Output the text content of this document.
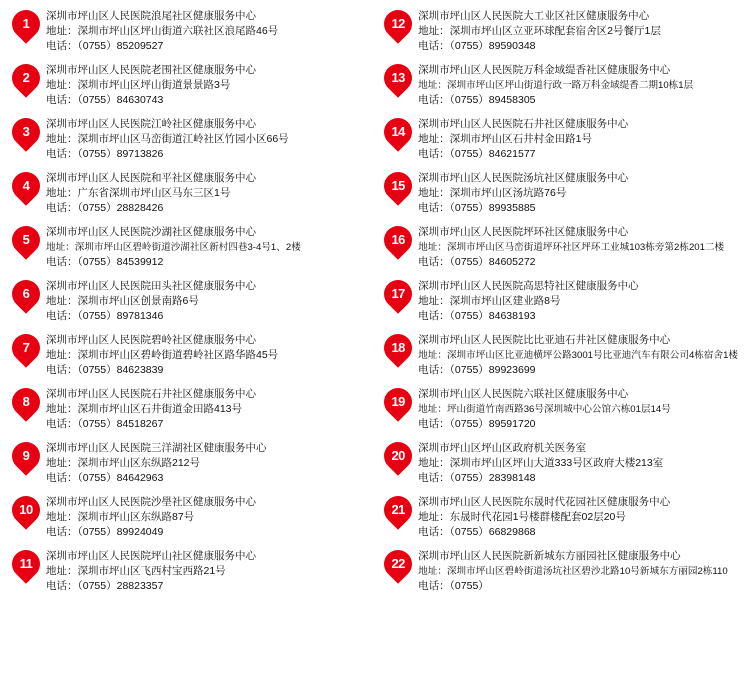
1	深圳市坪山区人民医院浪尾社区健康服务中心
地址：深圳市坪山区坪山街道六联社区浪尾路46号
电话：（0755）85209527
2	深圳市坪山区人民医院老围社区健康服务中心
地址：深圳市坪山区坪山街道景景路3号
电话：（0755）84630743
3	深圳市坪山区人民医院江岭社区健康服务中心
地址：深圳市坪山区马峦街道江岭社区竹园小区66号
电话：（0755）89713826
4	深圳市坪山区人民医院和平社区健康服务中心
地址：广东省深圳市坪山区马东三区1号
电话：（0755）28828426
5	深圳市坪山区人民医院沙湖社区健康服务中心
地址：深圳市坪山区碧岭街道沙湖社区新村四巷3-4号1、2楼
电话：（0755）84539912
6	深圳市坪山区人民医院田头社区健康服务中心
地址：深圳市坪山区创景南路6号
电话：（0755）89781346
7	深圳市坪山区人民医院碧岭社区健康服务中心
地址：深圳市坪山区碧岭街道碧岭社区路华路45号
电话：（0755）84623839
8	深圳市坪山区人民医院石井社区健康服务中心
地址：深圳市坪山区石井街道金田路413号
电话：（0755）84518267
9	深圳市坪山区人民医院三洋湖社区健康服务中心
地址：深圳市坪山区东纵路212号
电话：（0755）84642963
10	深圳市坪山区人民医院沙壆社区健康服务中心
地址：深圳市坪山区东纵路87号
电话：（0755）89924049
11	深圳市坪山区人民医院坪山社区健康服务中心
地址：深圳市坪山区飞西村宝西路21号
电话：（0755）28823357
12	深圳市坪山区人民医院大工业区社区健康服务中心
地址：深圳市坪山区立亚环球配套宿舍区2号餐厅1层
电话：（0755）89590348
13	深圳市坪山区人民医院万科金域缇香社区健康服务中心
地址：深圳市坪山区坪山街道行政一路万科金域缇香二期10栋1层
电话：（0755）89458305
14	深圳市坪山区人民医院石井社区健康服务中心
地址：深圳市坪山区石井村金田路1号
电话：（0755）84621577
15	深圳市坪山区人民医院汤坑社区健康服务中心
地址：深圳市坪山区汤坑路76号
电话：（0755）89935885
16	深圳市坪山区人民医院坪环社区健康服务中心
地址：深圳市坪山区马峦街道坪环社区坪环工业城103栋旁第2栋201二楼
电话：（0755）84605272
17	深圳市坪山区人民医院高思特社区健康服务中心
地址：深圳市坪山区建业路8号
电话：（0755）84638193
18	深圳市坪山区人民医院比比亚迪石井社区健康服务中心
地址：深圳市坪山区比亚迪横坪公路3001号比亚迪汽车有限公司4栋宿舍1楼
电话：（0755）89923699
19	深圳市坪山区人民医院六联社区健康服务中心
地址：坪山街道竹南西路36号深圳城中心公馆六栋01层14号
电话：（0755）89591720
20	深圳市坪山区坪山区政府机关医务室
地址：深圳市坪山区坪山大道333号区政府大楼213室
电话：（0755）28398148
21	深圳市坪山区人民医院东晟时代花园社区健康服务中心
地址：东晟时代花园1号楼群楼配套02层20号
电话：（0755）66829868
22	深圳市坪山区人民医院新新城东方丽园社区健康服务中心
地址：深圳市坪山区碧岭街道汤坑社区碧沙北路10号新城东方丽园2栋110
电话：（0755）
